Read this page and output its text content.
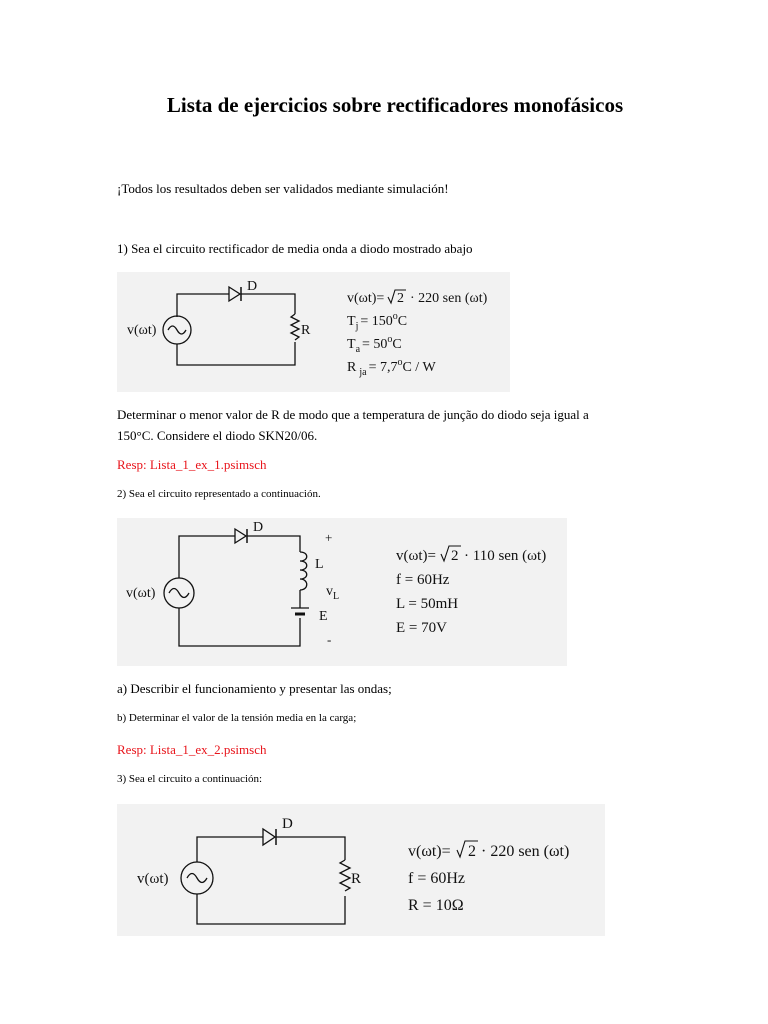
Lista de ejercicios sobre rectificadores monofásicos
¡Todos los resultados deben ser validados mediante simulación!
1) Sea el circuito rectificador de media onda a diodo mostrado abajo
v(ωt)
D
R
v(ωt)= 2 · 220 sen (ωt)
$T_j = 150^oC$
$T_a = 50^oC$
R $_{ja} = 7,7^oC / W$
Determinar o menor valor de R de modo que a temperatura de junção do diodo seja igual a
150°C. Considere el diodo SKN20/06.
Resp: Lista_1_ex_1.psimsch
2) Sea el circuito representado a continuación.
v(ωt)
D
L
E
+
-
$v_L$
v(ωt)= 2 · 110 sen (ωt)
f = 60Hz
L = 50mH
E = 70V
a) Describir el funcionamiento y presentar las ondas;
b) Determinar el valor de la tensión media en la carga;
Resp: Lista_1_ex_2.psimsch
3) Sea el circuito a continuación:
v(ωt)
D
R
v(ωt)= 2 · 220 sen (ωt)
f = 60Hz
R = 10Ω
